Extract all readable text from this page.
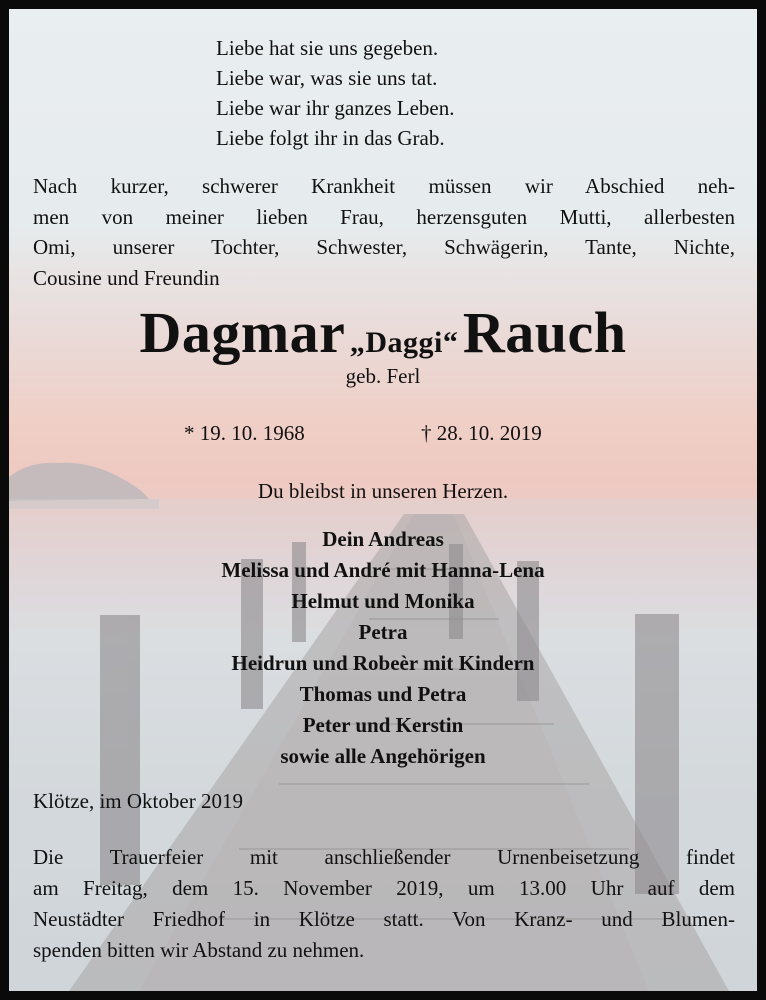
Liebe hat sie uns gegeben.
Liebe war, was sie uns tat.
Liebe war ihr ganzes Leben.
Liebe folgt ihr in das Grab.
Nach kurzer, schwerer Krankheit müssen wir Abschied neh-
men von meiner lieben Frau, herzensguten Mutti, allerbesten
Omi, unserer Tochter, Schwester, Schwägerin, Tante, Nichte,
Cousine und Freundin
Dagmar „Daggi“ Rauch
geb. Ferl
* 19. 10. 1968	† 28. 10. 2019
Du bleibst in unseren Herzen.
Dein Andreas
Melissa und André mit Hanna-Lena
Helmut und Monika
Petra
Heidrun und Robeèr mit Kindern
Thomas und Petra
Peter und Kerstin
sowie alle Angehörigen
Klötze, im Oktober 2019
Die Trauerfeier mit anschließender Urnenbeisetzung findet
am Freitag, dem 15. November 2019, um 13.00 Uhr auf dem
Neustädter Friedhof in Klötze statt. Von Kranz- und Blumen-
spenden bitten wir Abstand zu nehmen.
